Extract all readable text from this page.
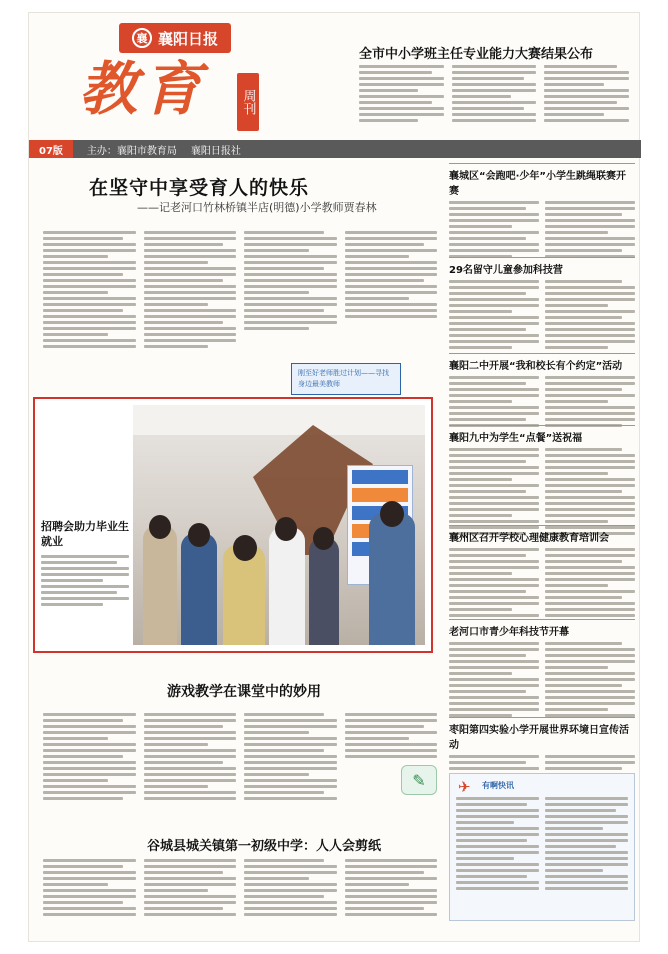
襄 襄阳日报
教育	周刊
全市中小学班主任专业能力大赛结果公布
07版	主办：襄阳市教育局 襄阳日报社
在坚守中享受育人的快乐
——记老河口竹林桥镇半店(明德)小学教师贾春林
刚至好老师胜过计划——寻找身边最美教师
招聘会助力毕业生就业
襄城区“会跑吧·少年”小学生跳绳联赛开赛
29名留守儿童參加科技营
襄阳二中开展“我和校长有个约定”活动
襄阳九中为学生“点餐”送祝福
襄州区召开学校心理健康教育培训会
老河口市青少年科技节开幕
枣阳第四实验小学开展世界环境日宣传活动
游戏教学在课堂中的妙用
✎
谷城县城关镇第一初级中学：人人会剪纸
✈ 有啊快讯
